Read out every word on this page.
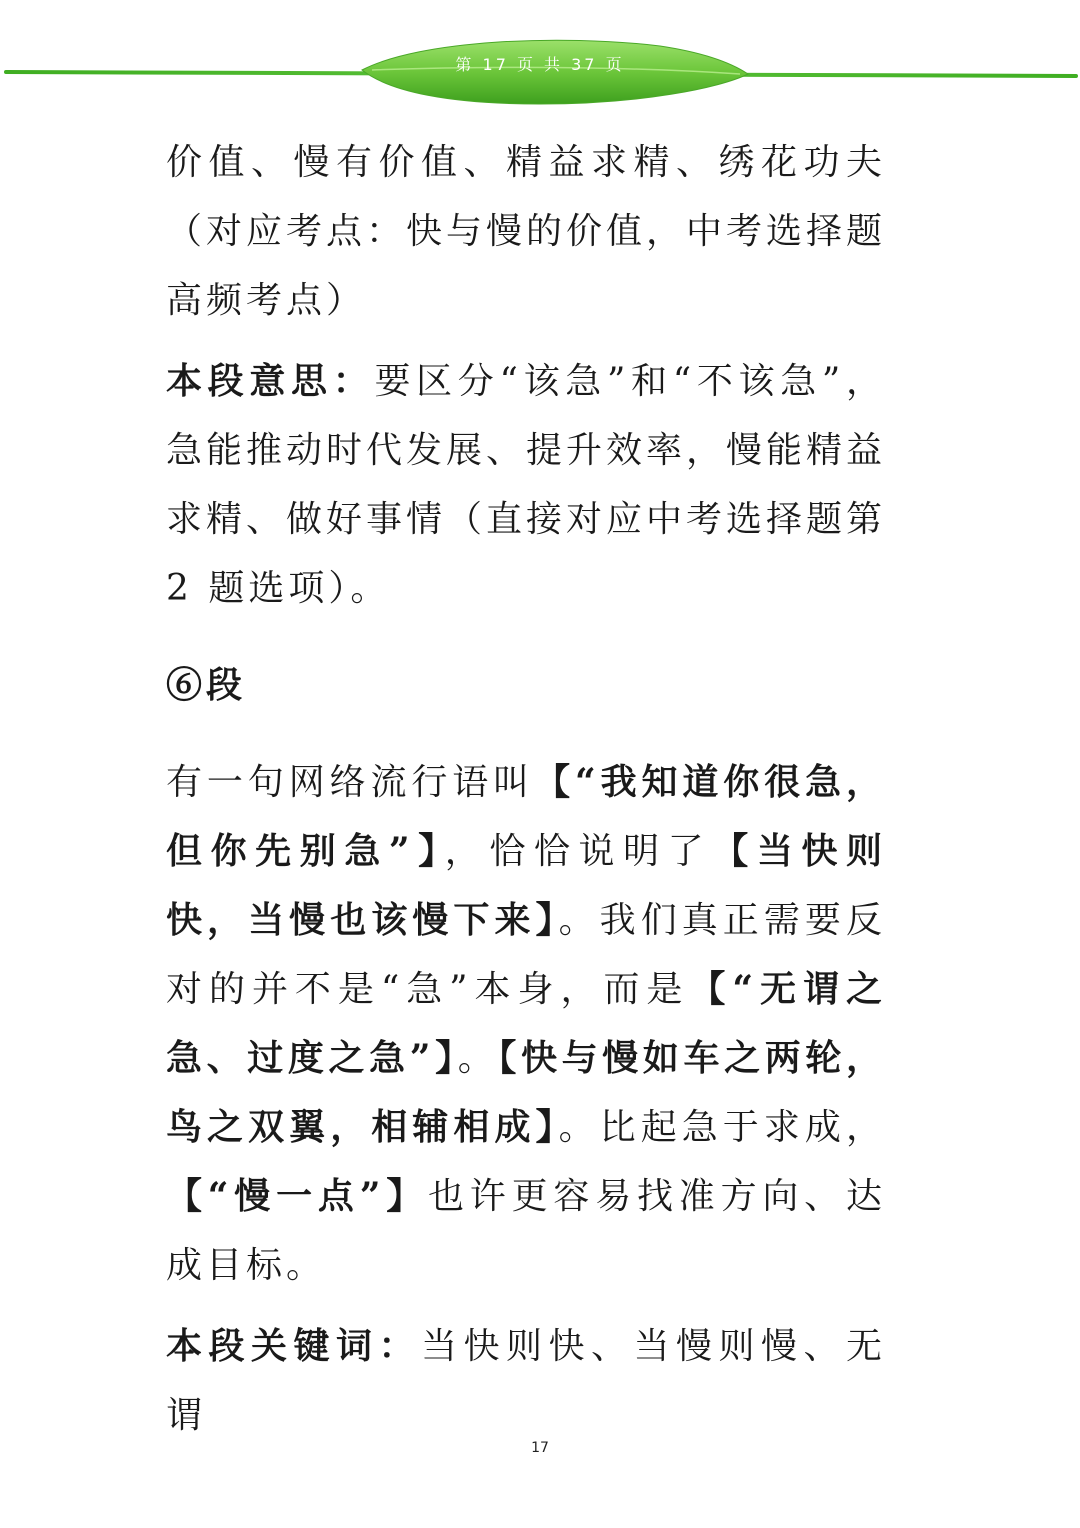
第 17 页 共 37 页

价值、慢有价值、精益求精、绣花功夫（对应考点：快与慢的价值，中考选择题高频考点）

本段意思：要区分“该急”和“不该急”，急能推动时代发展、提升效率，慢能精益求精、做好事情（直接对应中考选择题第 2 题选项）。

⑥段

有一句网络流行语叫【“我知道你很急，但你先别急”】，恰恰说明了【当快则快，当慢也该慢下来】。我们真正需要反对的并不是“急”本身，而是【“无谓之急、过度之急”】。【快与慢如车之两轮，鸟之双翼，相辅相成】。比起急于求成，【“慢一点”】也许更容易找准方向、达成目标。

本段关键词：当快则快、当慢则慢、无谓

17
